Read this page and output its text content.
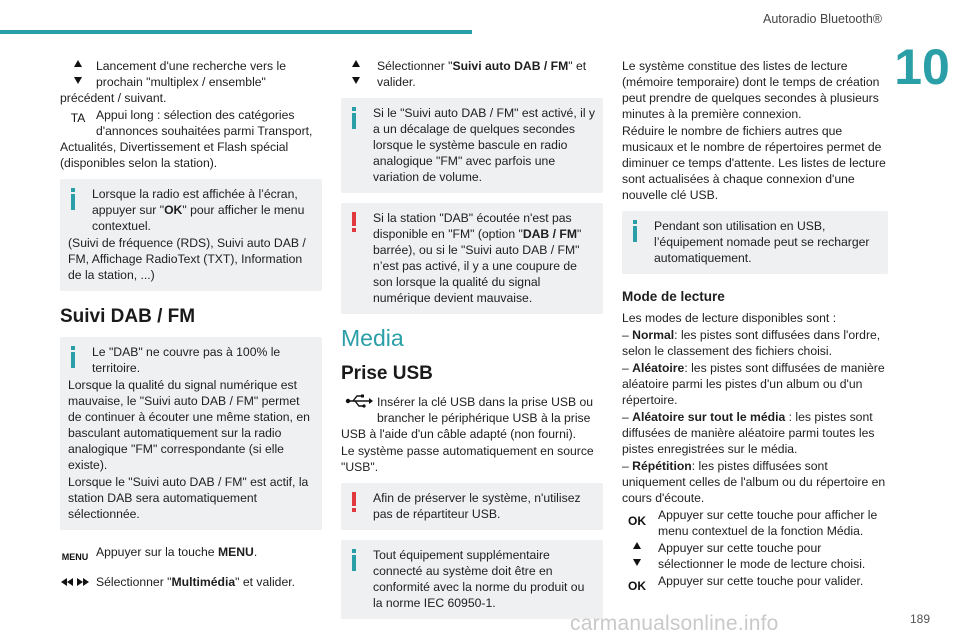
Autoradio Bluetooth®
10
Lancement d'une recherche vers le prochain "multiplex / ensemble" précédent / suivant.
TA Appui long : sélection des catégories d'annonces souhaitées parmi Transport, Actualités, Divertissement et Flash spécial (disponibles selon la station).

Lorsque la radio est affichée à l’écran, appuyer sur "OK" pour afficher le menu contextuel.

(Suivi de fréquence (RDS), Suivi auto DAB / FM, Affichage RadioText (TXT), Information de la station, ...)

Suivi DAB / FM

Le "DAB" ne couvre pas à 100% le territoire.

Lorsque la qualité du signal numérique est mauvaise, le "Suivi auto DAB / FM" permet de continuer à écouter une même station, en basculant automatiquement sur la radio analogique "FM" correspondante (si elle existe).

Lorsque le "Suivi auto DAB / FM" est actif, la station DAB sera automatiquement sélectionnée.

MENU Appuyer sur la touche MENU.
Sélectionner "Multimédia" et valider.
Sélectionner "Suivi auto DAB / FM" et valider.

Si le "Suivi auto DAB / FM" est activé, il y a un décalage de quelques secondes lorsque le système bascule en radio analogique "FM" avec parfois une variation de volume.

Si la station "DAB" écoutée n'est pas disponible en "FM" (option "DAB / FM" barrée), ou si le "Suivi auto DAB / FM" n’est pas activé, il y a une coupure de son lorsque la qualité du signal numérique devient mauvaise.

Media
Prise USB
Insérer la clé USB dans la prise USB ou brancher le périphérique USB à la prise USB à l'aide d'un câble adapté (non fourni).

Le système passe automatiquement en source "USB".

Afin de préserver le système, n'utilisez pas de répartiteur USB.

Tout équipement supplémentaire connecté au système doit être en conformité avec la norme du produit ou la norme IEC 60950-1.

Le système constitue des listes de lecture (mémoire temporaire) dont le temps de création peut prendre de quelques secondes à plusieurs minutes à la première connexion.

Réduire le nombre de fichiers autres que musicaux et le nombre de répertoires permet de diminuer ce temps d'attente. Les listes de lecture sont actualisées à chaque connexion d'une nouvelle clé USB.

Pendant son utilisation en USB, l’équipement nomade peut se recharger automatiquement.

Mode de lecture

Les modes de lecture disponibles sont :

– Normal: les pistes sont diffusées dans l'ordre, selon le classement des fichiers choisi.

– Aléatoire: les pistes sont diffusées de manière aléatoire parmi les pistes d'un album ou d'un répertoire.

– Aléatoire sur tout le média : les pistes sont diffusées de manière aléatoire parmi toutes les pistes enregistrées sur le média.

– Répétition: les pistes diffusées sont uniquement celles de l'album ou du répertoire en cours d'écoute.

OK Appuyer sur cette touche pour afficher le menu contextuel de la fonction Média.
Appuyer sur cette touche pour sélectionner le mode de lecture choisi.
OK Appuyer sur cette touche pour valider.
189
carmanualsonline.info
